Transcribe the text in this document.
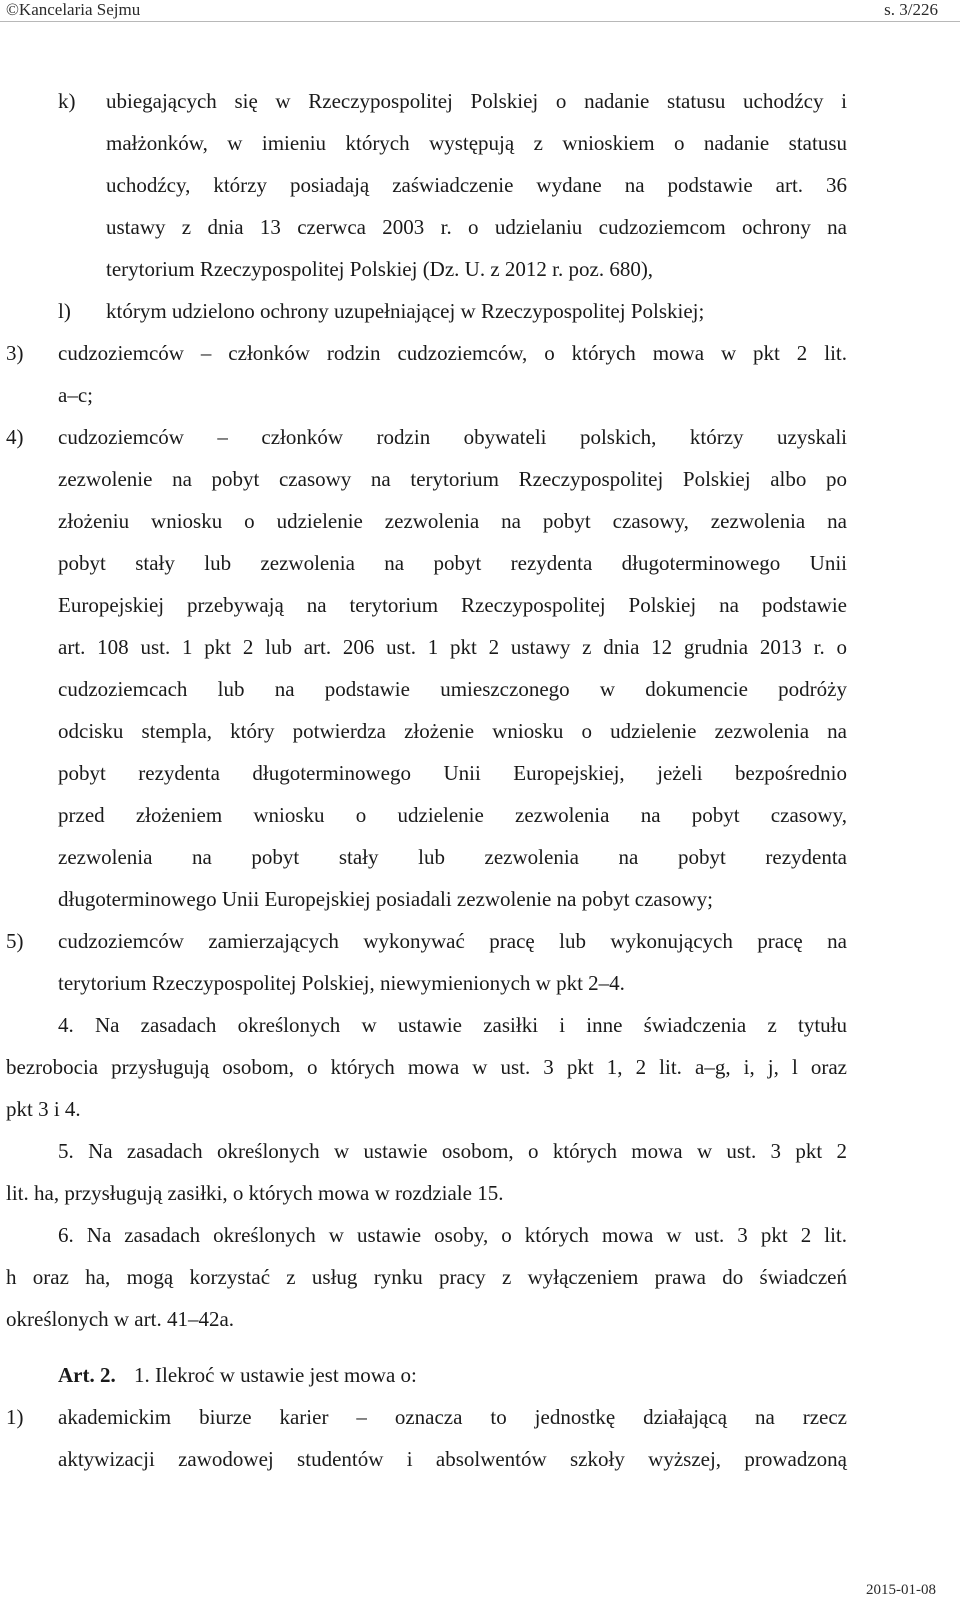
©Kancelaria Sejmu	s. 3/226
k) ubiegających się w Rzeczypospolitej Polskiej o nadanie statusu uchodźcy i
małżonków, w imieniu których występują z wnioskiem o nadanie statusu
uchodźcy, którzy posiadają zaświadczenie wydane na podstawie art. 36
ustawy z dnia 13 czerwca 2003 r. o udzielaniu cudzoziemcom ochrony na
terytorium Rzeczypospolitej Polskiej (Dz. U. z 2012 r. poz. 680),
l) którym udzielono ochrony uzupełniającej w Rzeczypospolitej Polskiej;
3) cudzoziemców – członków rodzin cudzoziemców, o których mowa w pkt 2 lit.
a–c;
4) cudzoziemców – członków rodzin obywateli polskich, którzy uzyskali
zezwolenie na pobyt czasowy na terytorium Rzeczypospolitej Polskiej albo po
złożeniu wniosku o udzielenie zezwolenia na pobyt czasowy, zezwolenia na
pobyt stały lub zezwolenia na pobyt rezydenta długoterminowego Unii
Europejskiej przebywają na terytorium Rzeczypospolitej Polskiej na podstawie
art. 108 ust. 1 pkt 2 lub art. 206 ust. 1 pkt 2 ustawy z dnia 12 grudnia 2013 r. o
cudzoziemcach lub na podstawie umieszczonego w dokumencie podróży
odcisku stempla, który potwierdza złożenie wniosku o udzielenie zezwolenia na
pobyt rezydenta długoterminowego Unii Europejskiej, jeżeli bezpośrednio
przed złożeniem wniosku o udzielenie zezwolenia na pobyt czasowy,
zezwolenia na pobyt stały lub zezwolenia na pobyt rezydenta
długoterminowego Unii Europejskiej posiadali zezwolenie na pobyt czasowy;
5) cudzoziemców zamierzających wykonywać pracę lub wykonujących pracę na
terytorium Rzeczypospolitej Polskiej, niewymienionych w pkt 2–4.
4. Na zasadach określonych w ustawie zasiłki i inne świadczenia z tytułu
bezrobocia przysługują osobom, o których mowa w ust. 3 pkt 1, 2 lit. a–g, i, j, l oraz
pkt 3 i 4.
5. Na zasadach określonych w ustawie osobom, o których mowa w ust. 3 pkt 2
lit. ha, przysługują zasiłki, o których mowa w rozdziale 15.
6. Na zasadach określonych w ustawie osoby, o których mowa w ust. 3 pkt 2 lit.
h oraz ha, mogą korzystać z usług rynku pracy z wyłączeniem prawa do świadczeń
określonych w art. 41–42a.
Art. 2. 1. Ilekroć w ustawie jest mowa o:
1) akademickim biurze karier – oznacza to jednostkę działającą na rzecz
aktywizacji zawodowej studentów i absolwentów szkoły wyższej, prowadzoną
2015-01-08
